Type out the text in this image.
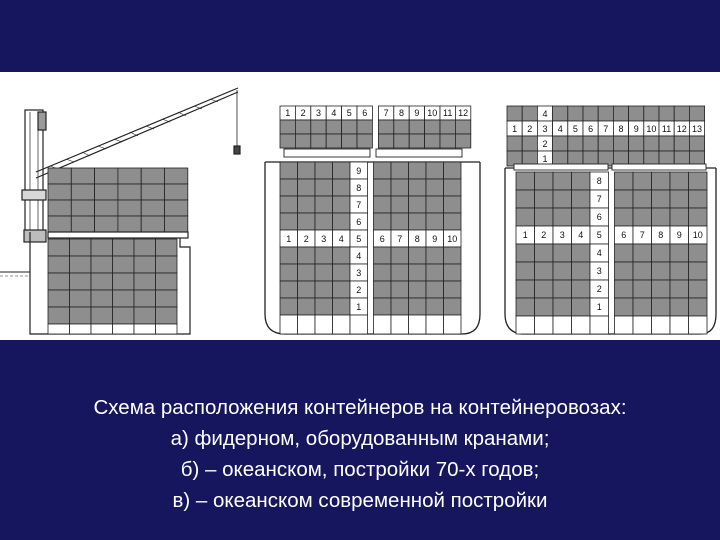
1 2 3 4 5 6 7 8 9 10 11 12
9
8
7
6
1 2 3 4 5 6 7 8 9 10
4
3
2
1
4
1 2 3 4 5 6 7 8 9 10 11 12 13
2
1
8
7
6
1 2 3 4 5 6 7 8 9 10
4
3
2
1
Схема расположения контейнеров на контейнеровозах:
а) фидерном, оборудованным кранами;
б) – океанском, постройки 70-х годов;
в) – океанском современной постройки
